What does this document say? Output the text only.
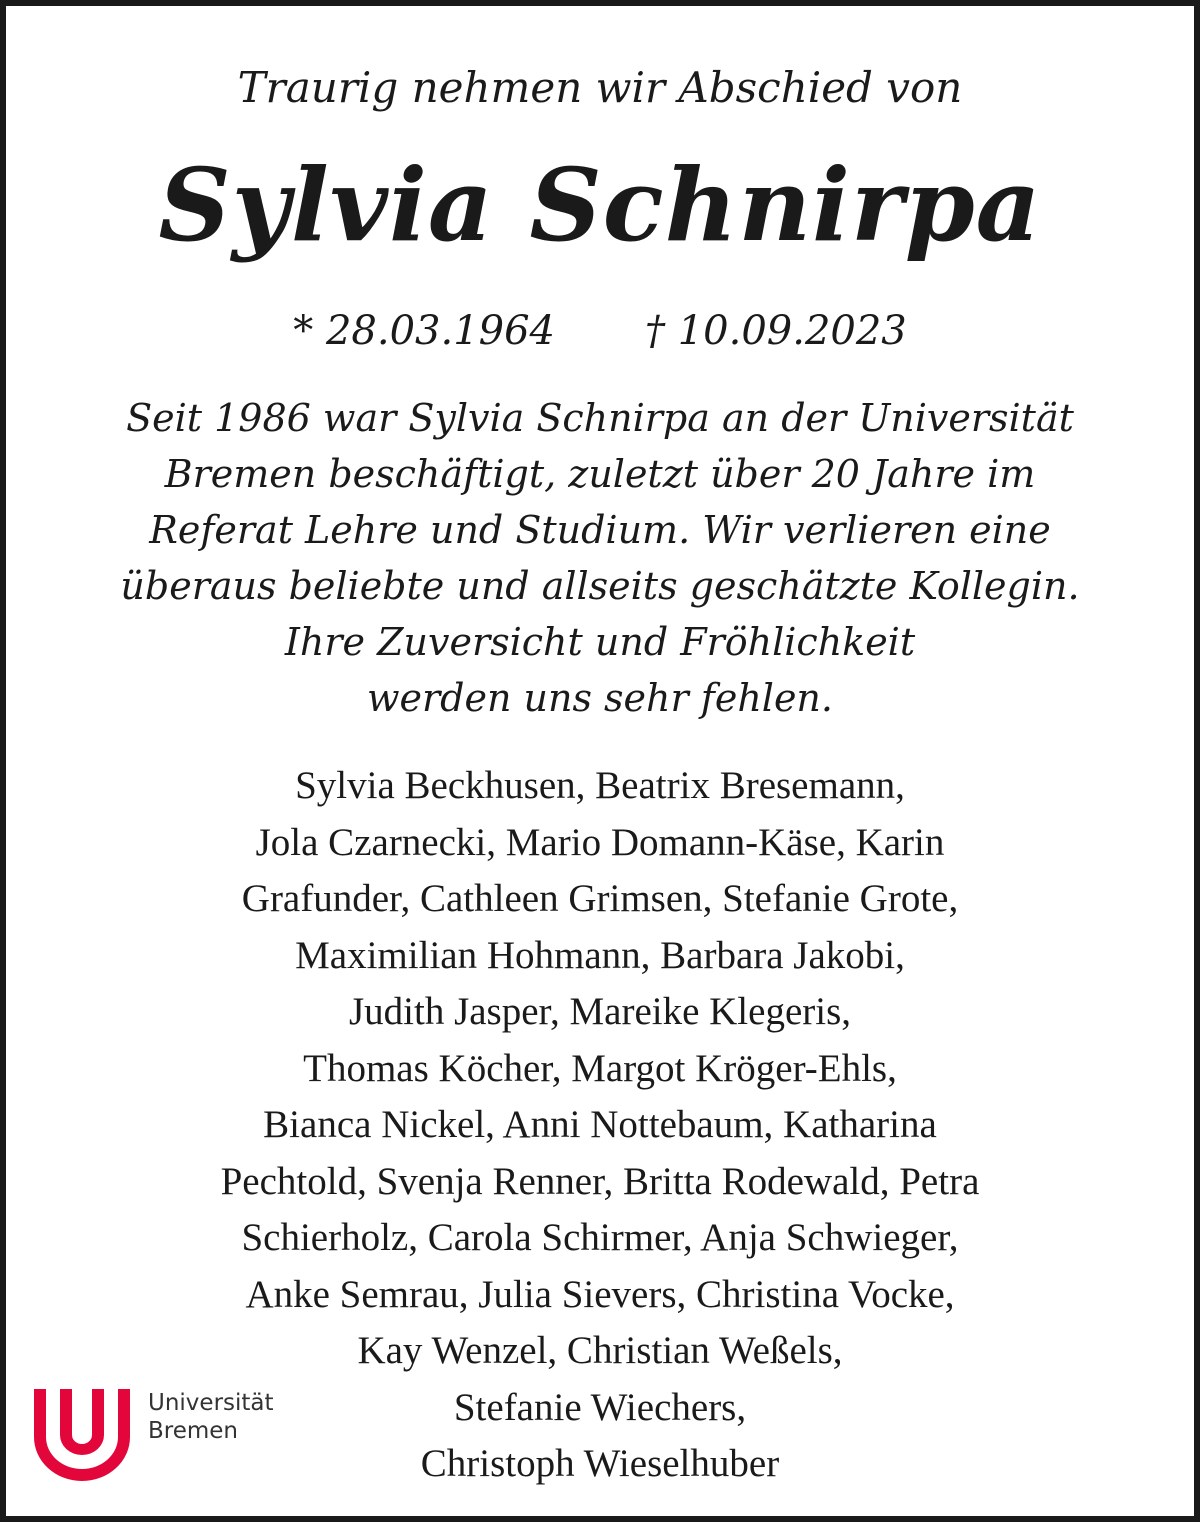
Traurig nehmen wir Abschied von
Sylvia Schnirpa
* 28.03.1964 † 10.09.2023
Seit 1986 war Sylvia Schnirpa an der Universität
Bremen beschäftigt, zuletzt über 20 Jahre im
Referat Lehre und Studium. Wir verlieren eine
überaus beliebte und allseits geschätzte Kollegin.
Ihre Zuversicht und Fröhlichkeit
werden uns sehr fehlen.
Sylvia Beckhusen, Beatrix Bresemann,
Jola Czarnecki, Mario Domann-Käse, Karin
Grafunder, Cathleen Grimsen, Stefanie Grote,
Maximilian Hohmann, Barbara Jakobi,
Judith Jasper, Mareike Klegeris,
Thomas Köcher, Margot Kröger-Ehls,
Bianca Nickel, Anni Nottebaum, Katharina
Pechtold, Svenja Renner, Britta Rodewald, Petra
Schierholz, Carola Schirmer, Anja Schwieger,
Anke Semrau, Julia Sievers, Christina Vocke,
Kay Wenzel, Christian Weßels,
Stefanie Wiechers,
Christoph Wieselhuber
Universität
Bremen
